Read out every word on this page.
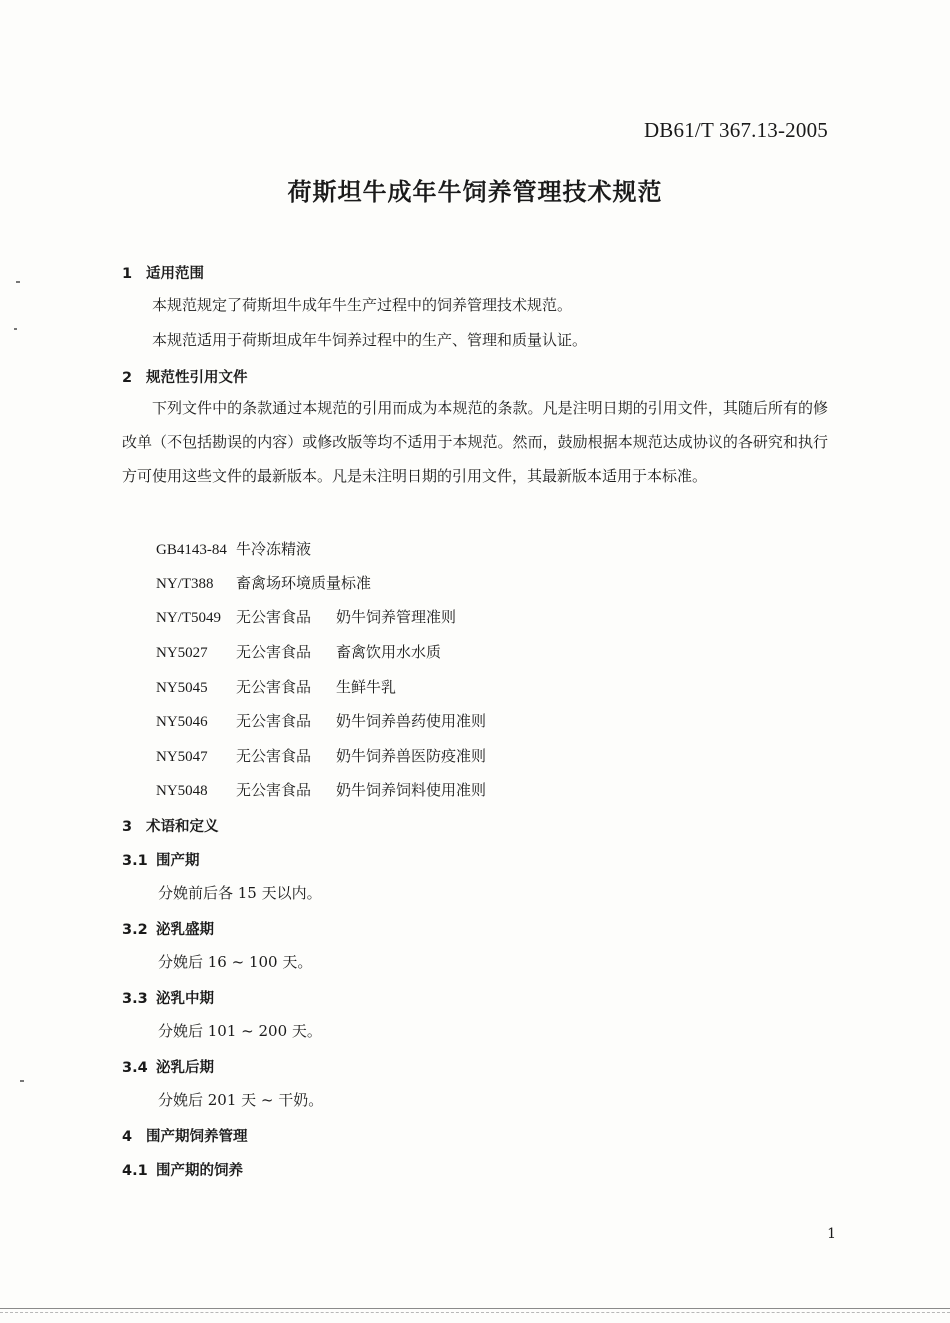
DB61/T 367.13-2005
荷斯坦牛成年牛饲养管理技术规范
1 适用范围
本规范规定了荷斯坦牛成年牛生产过程中的饲养管理技术规范。
本规范适用于荷斯坦成年牛饲养过程中的生产、管理和质量认证。
2 规范性引用文件
下列文件中的条款通过本规范的引用而成为本规范的条款。凡是注明日期的引用文件，其随后所有的修改单（不包括勘误的内容）或修改版等均不适用于本规范。然而，鼓励根据本规范达成协议的各研究和执行方可使用这些文件的最新版本。凡是未注明日期的引用文件，其最新版本适用于本标准。
GB4143-84 牛冷冻精液
NY/T388 畜禽场环境质量标准
NY/T5049 无公害食品 奶牛饲养管理准则
NY5027 无公害食品 畜禽饮用水水质
NY5045 无公害食品 生鲜牛乳
NY5046 无公害食品 奶牛饲养兽药使用准则
NY5047 无公害食品 奶牛饲养兽医防疫准则
NY5048 无公害食品 奶牛饲养饲料使用准则
3 术语和定义
3.1 围产期
分娩前后各 15 天以内。
3.2 泌乳盛期
分娩后 16 ~ 100 天。
3.3 泌乳中期
分娩后 101 ~ 200 天。
3.4 泌乳后期
分娩后 201 天 ~ 干奶。
4 围产期饲养管理
4.1 围产期的饲养
1
